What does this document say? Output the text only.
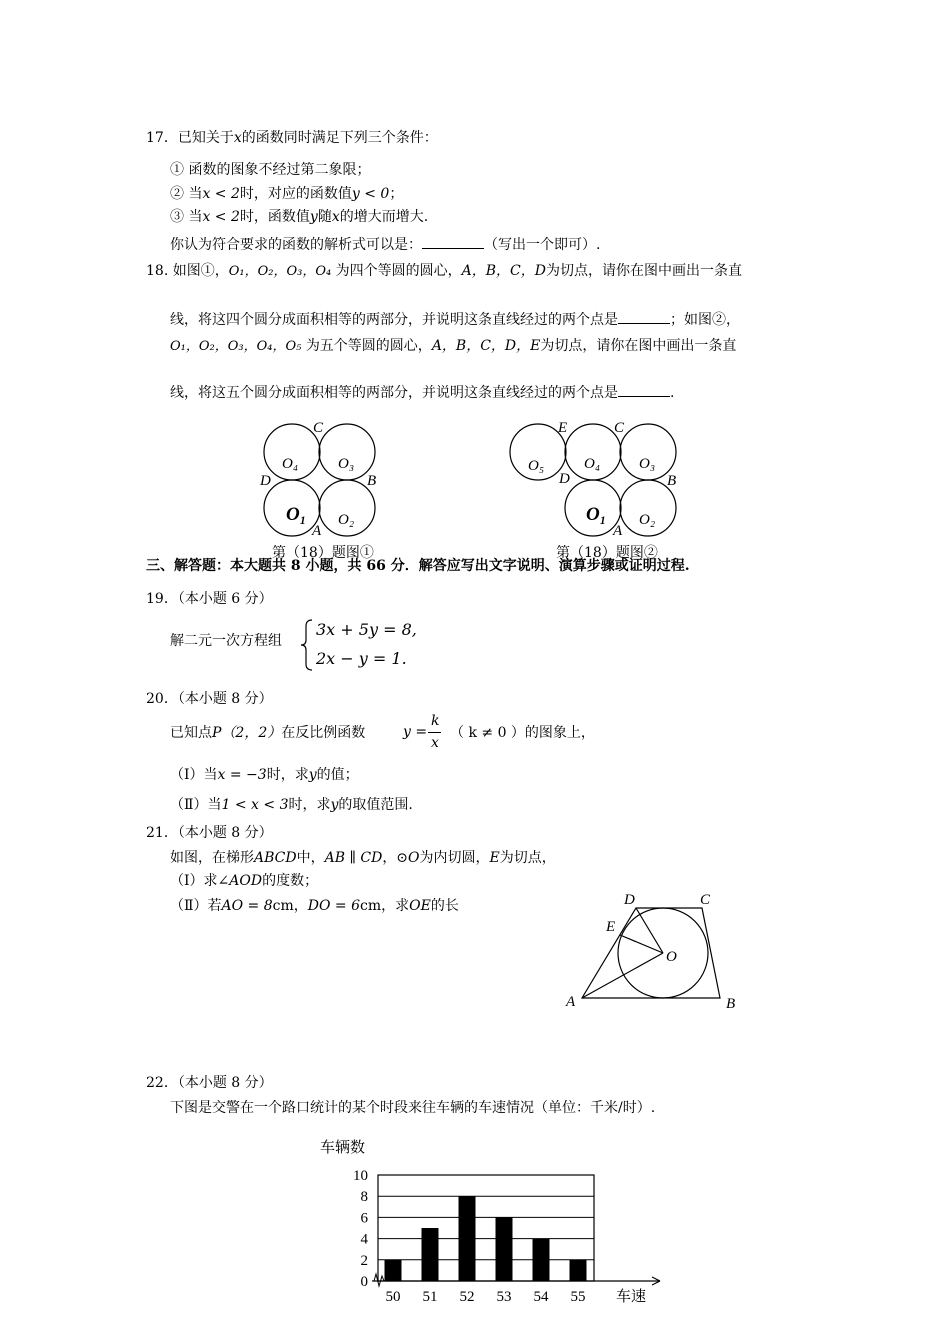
17．已知关于x的函数同时满足下列三个条件：
① 函数的图象不经过第二象限；
② 当x < 2时，对应的函数值y < 0；
③ 当x < 2时，函数值y随x的增大而增大.
你认为符合要求的函数的解析式可以是：	（写出一个即可）.
18. 如图①，O₁，O₂，O₃，O₄ 为四个等圆的圆心，A，B，C，D为切点，请你在图中画出一条直
线，将这四个圆分成面积相等的两部分，并说明这条直线经过的两个点是	；如图②，
O₁，O₂，O₃，O₄，O₅ 为五个等圆的圆心，A，B，C，D，E为切点，请你在图中画出一条直
线，将这五个圆分成面积相等的两部分，并说明这条直线经过的两个点是	.
O₄	O₃
O₁ O₂
C
D	B
A
O₅	O₄	O₃
O₁ O₂
E	C
D	B
A
第（18）题图①	第（18）题图②
三、解答题：本大题共 8 小题，共 66 分．解答应写出文字说明、演算步骤或证明过程.
19．（本小题 6 分）
解二元一次方程组
3x + 5y = 8,
2x − y = 1.
20．（本小题 8 分）
已知点P（2，2）在反比例函数	y =
k
x
（ k ≠ 0 ）的图象上，
（Ⅰ）当x = −3时，求y的值；
（Ⅱ）当1 < x < 3时，求y的取值范围.
21．（本小题 8 分）
如图，在梯形ABCD中，AB ∥ CD，⊙O为内切圆，E为切点，
（Ⅰ）求∠AOD的度数；
（Ⅱ）若AO = 8cm，DO = 6cm，求OE的长	D	C
E
O
A	B
22．（本小题 8 分）
下图是交警在一个路口统计的某个时段来往车辆的车速情况（单位：千米/时）.
车辆数
车速
0
2
4
6
8
10
50 51 52 53 54 55
